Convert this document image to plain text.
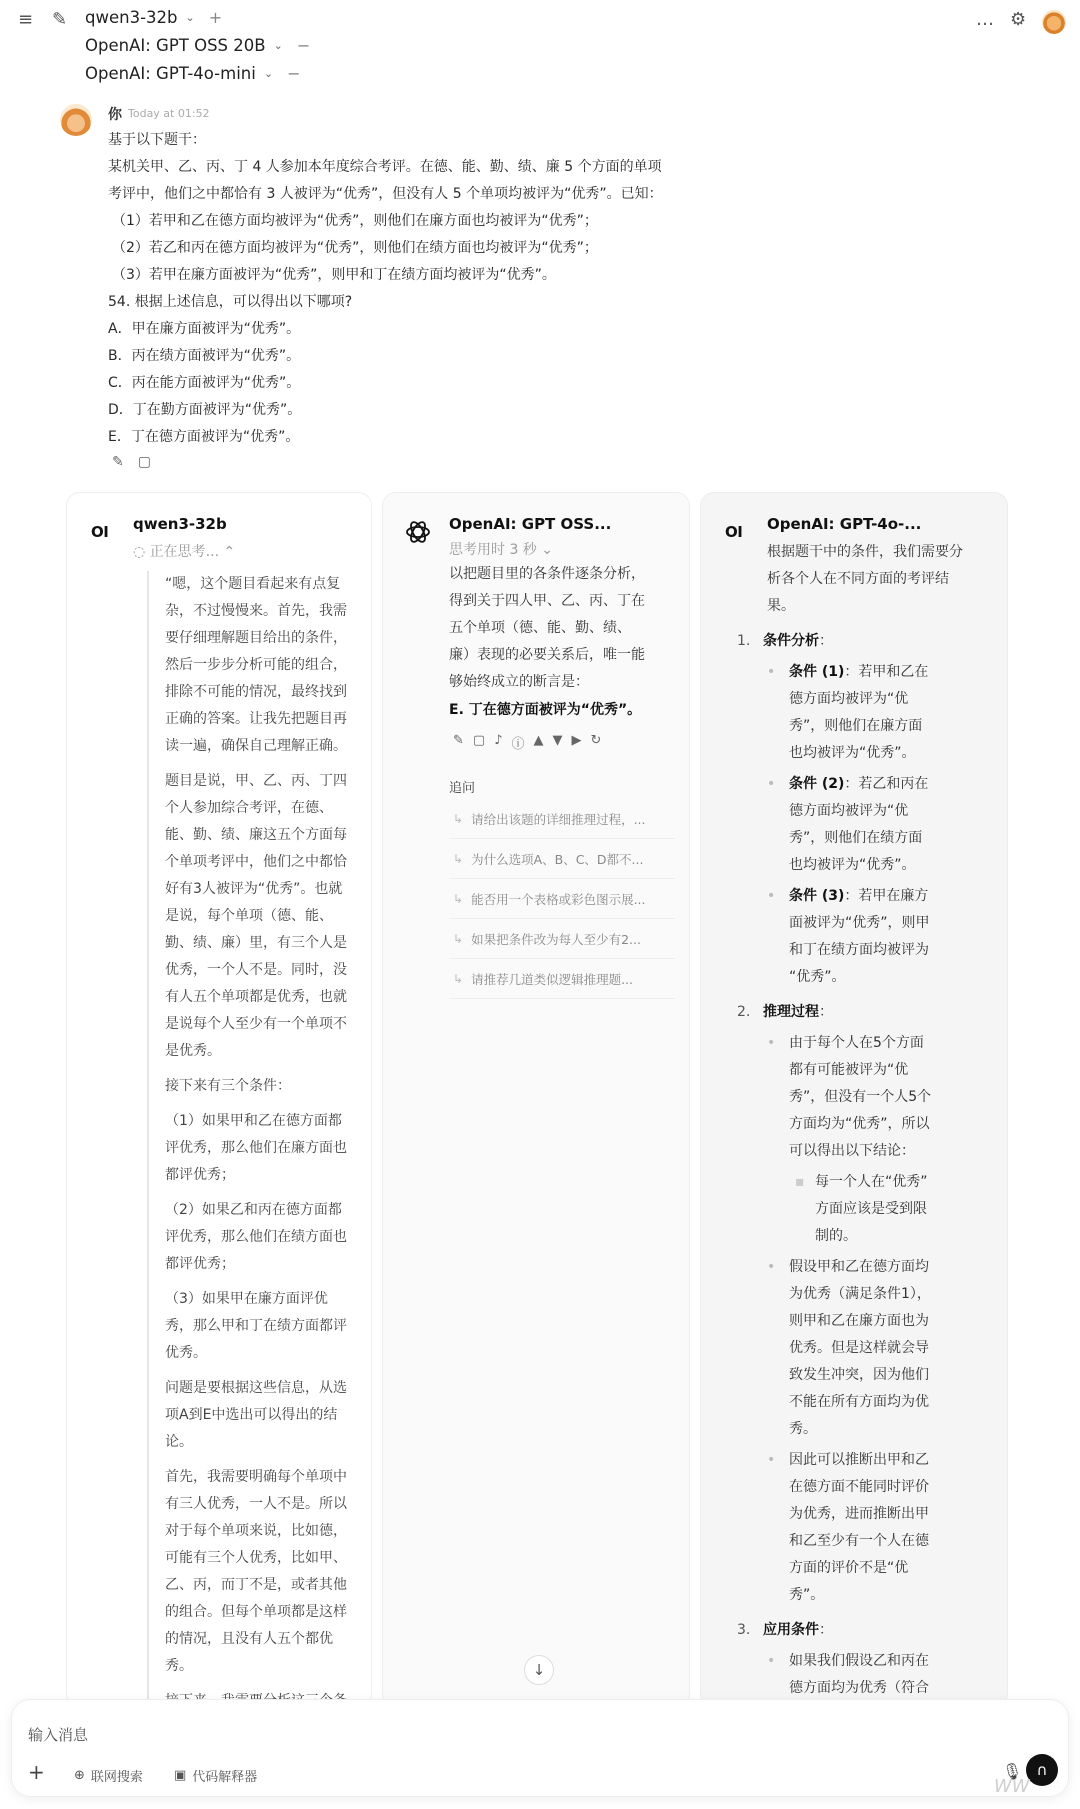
≡ ✎ qwen3-32b ⌄ +
OpenAI: GPT OSS 20B ⌄ −
OpenAI: GPT-4o-mini ⌄ −
… ⚙
你 Today at 01:52
基于以下题干：
某机关甲、乙、丙、丁 4 人参加本年度综合考评。在德、能、勤、绩、廉 5 个方面的单项
考评中，他们之中都恰有 3 人被评为“优秀”，但没有人 5 个单项均被评为“优秀”。已知：
（1）若甲和乙在德方面均被评为“优秀”，则他们在廉方面也均被评为“优秀”；
（2）若乙和丙在德方面均被评为“优秀”，则他们在绩方面也均被评为“优秀”；
（3）若甲在廉方面被评为“优秀”，则甲和丁在绩方面均被评为“优秀”。
54. 根据上述信息，可以得出以下哪项?
A．甲在廉方面被评为“优秀”。
B．丙在绩方面被评为“优秀”。
C．丙在能方面被评为“优秀”。
D．丁在勤方面被评为“优秀”。
E．丁在德方面被评为“优秀”。
✎ ▢
OI qwen3-32b
◌ 正在思考... ⌃

“嗯，这个题目看起来有点复
杂，不过慢慢来。首先，我需
要仔细理解题目给出的条件，
然后一步步分析可能的组合，
排除不可能的情况，最终找到
正确的答案。让我先把题目再
读一遍，确保自己理解正确。

题目是说，甲、乙、丙、丁四
个人参加综合考评，在德、
能、勤、绩、廉这五个方面每
个单项考评中，他们之中都恰
好有3人被评为“优秀”。也就
是说，每个单项（德、能、
勤、绩、廉）里，有三个人是
优秀，一个人不是。同时，没
有人五个单项都是优秀，也就
是说每个人至少有一个单项不
是优秀。

接下来有三个条件：

（1）如果甲和乙在德方面都
评优秀，那么他们在廉方面也
都评优秀；

（2）如果乙和丙在德方面都
评优秀，那么他们在绩方面也
都评优秀；

（3）如果甲在廉方面评优
秀，那么甲和丁在绩方面都评
优秀。

问题是要根据这些信息，从选
项A到E中选出可以得出的结
论。

首先，我需要明确每个单项中
有三人优秀，一人不是。所以
对于每个单项来说，比如德，
可能有三个人优秀，比如甲、
乙、丙，而丁不是，或者其他
的组合。但每个单项都是这样
的情况，且没有人五个都优
秀。

OpenAI: GPT OSS...
思考用时 3 秒 ⌄
以把题目里的各条件逐条分析，
得到关于四人甲、乙、丙、丁在
五个单项（德、能、勤、绩、
廉）表现的必要关系后，唯一能
够始终成立的断言是：
E. 丁在德方面被评为“优秀”。
✎ ▢ ♪ ⓘ ▲ ▼ ▶ ↻
追问
↳ 请给出该题的详细推理过程，...
↳ 为什么选项A、B、C、D都不...
↳ 能否用一个表格或彩色图示展...
↳ 如果把条件改为每人至少有2...
↳ 请推荐几道类似逻辑推理题...
↓
OI OpenAI: GPT-4o-...
根据题干中的条件，我们需要分
析各个人在不同方面的考评结
果。
1. 条件分析：
• 条件 (1)：若甲和乙在
德方面均被评为“优
秀”，则他们在廉方面
也均被评为“优秀”。
• 条件 (2)：若乙和丙在
德方面均被评为“优
秀”，则他们在绩方面
也均被评为“优秀”。
• 条件 (3)：若甲在廉方
面被评为“优秀”，则甲
和丁在绩方面均被评为
“优秀”。
2. 推理过程：
• 由于每个人在5个方面
都有可能被评为“优
秀”，但没有一个人5个
方面均为“优秀”，所以
可以得出以下结论：
▪ 每一个人在“优秀”
方面应该是受到限
制的。
• 假设甲和乙在德方面均
为优秀（满足条件1），
则甲和乙在廉方面也为
优秀。但是这样就会导
致发生冲突，因为他们
不能在所有方面均为优
秀。
• 因此可以推断出甲和乙
在德方面不能同时评价
为优秀，进而推断出甲
和乙至少有一个人在德
方面的评价不是“优
秀”。
3. 应用条件：
• 如果我们假设乙和丙在
德方面均为优秀（符合
输入消息
+ ⊕ 联网搜索 ▣ 代码解释器	🎙 ∩
WW
